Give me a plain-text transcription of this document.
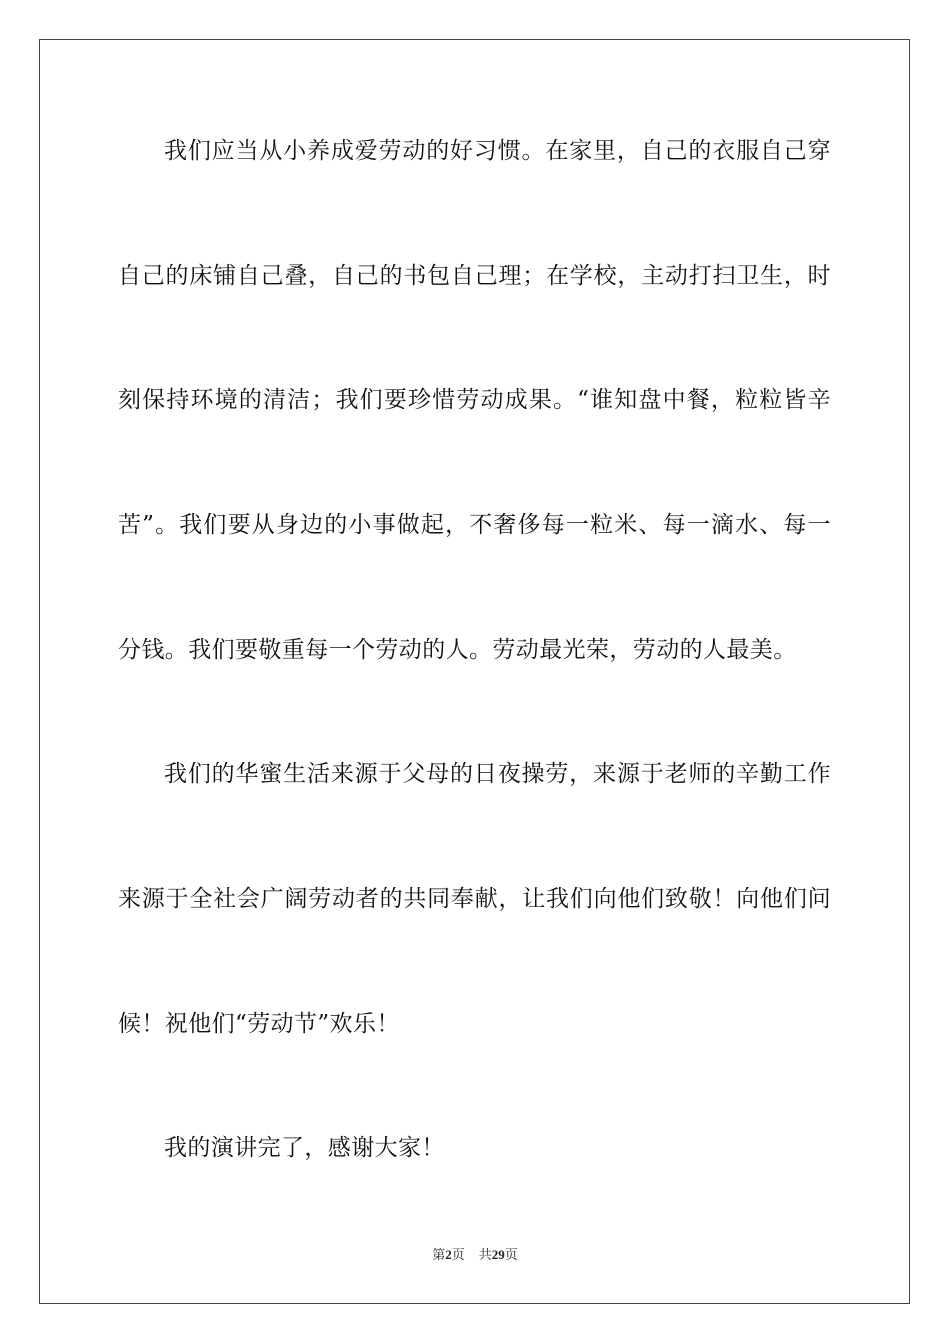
我们应当从小养成爱劳动的好习惯。在家里，自己的衣服自己穿
自己的床铺自己叠，自己的书包自己理；在学校，主动打扫卫生，时
刻保持环境的清洁；我们要珍惜劳动成果。“谁知盘中餐，粒粒皆辛
苦”。我们要从身边的小事做起，不奢侈每一粒米、每一滴水、每一
分钱。我们要敬重每一个劳动的人。劳动最光荣，劳动的人最美。
我们的华蜜生活来源于父母的日夜操劳，来源于老师的辛勤工作
来源于全社会广阔劳动者的共同奉献，让我们向他们致敬！向他们问
候！祝他们“劳动节”欢乐！
我的演讲完了，感谢大家！
第2页 共29页
